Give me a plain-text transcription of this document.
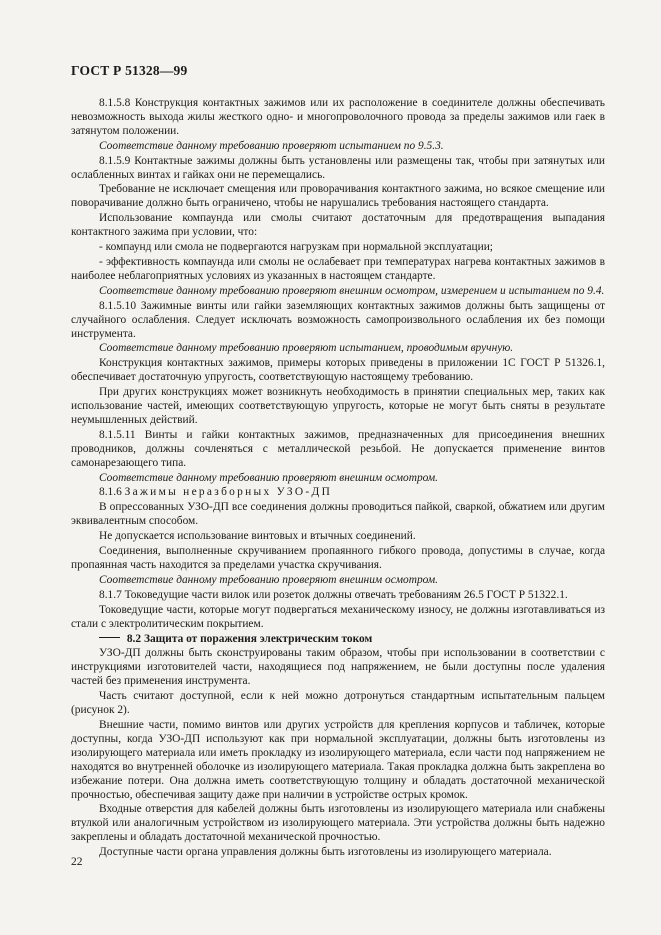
ГОСТ Р 51328—99

8.1.5.8 Конструкция контактных зажимов или их расположение в соединителе должны обеспечивать невозможность выхода жилы жесткого одно- и многопроволочного провода за пределы зажимов или гаек в затянутом положении.

Соответствие данному требованию проверяют испытанием по 9.5.3.

8.1.5.9 Контактные зажимы должны быть установлены или размещены так, чтобы при затянутых или ослабленных винтах и гайках они не перемещались.

Требование не исключает смещения или проворачивания контактного зажима, но всякое смещение или поворачивание должно быть ограничено, чтобы не нарушались требования настоящего стандарта.

Использование компаунда или смолы считают достаточным для предотвращения выпадания контактного зажима при условии, что:

- компаунд или смола не подвергаются нагрузкам при нормальной эксплуатации;

- эффективность компаунда или смолы не ослабевает при температурах нагрева контактных зажимов в наиболее неблагоприятных условиях из указанных в настоящем стандарте.

Соответствие данному требованию проверяют внешним осмотром, измерением и испытанием по 9.4.

8.1.5.10 Зажимные винты или гайки заземляющих контактных зажимов должны быть защищены от случайного ослабления. Следует исключать возможность самопроизвольного ослабления их без помощи инструмента.

Соответствие данному требованию проверяют испытанием, проводимым вручную.

Конструкция контактных зажимов, примеры которых приведены в приложении 1С ГОСТ Р 51326.1, обеспечивает достаточную упругость, соответствующую настоящему требованию.

При других конструкциях может возникнуть необходимость в принятии специальных мер, таких как использование частей, имеющих соответствующую упругость, которые не могут быть сняты в результате неумышленных действий.

8.1.5.11 Винты и гайки контактных зажимов, предназначенных для присоединения внешних проводников, должны сочленяться с металлической резьбой. Не допускается применение винтов самонарезающего типа.

Соответствие данному требованию проверяют внешним осмотром.

8.1.6 Зажимы неразборных УЗО-ДП

В опрессованных УЗО-ДП все соединения должны проводиться пайкой, сваркой, обжатием или другим эквивалентным способом.

Не допускается использование винтовых и втычных соединений.

Соединения, выполненные скручиванием пропаянного гибкого провода, допустимы в случае, когда пропаянная часть находится за пределами участка скручивания.

Соответствие данному требованию проверяют внешним осмотром.

8.1.7 Токоведущие части вилок или розеток должны отвечать требованиям 26.5 ГОСТ Р 51322.1.

Токоведущие части, которые могут подвергаться механическому износу, не должны изготавливаться из стали с электролитическим покрытием.

8.2 Защита от поражения электрическим током

УЗО-ДП должны быть сконструированы таким образом, чтобы при использовании в соответствии с инструкциями изготовителей части, находящиеся под напряжением, не были доступны после удаления частей без применения инструмента.

Часть считают доступной, если к ней можно дотронуться стандартным испытательным пальцем (рисунок 2).

Внешние части, помимо винтов или других устройств для крепления корпусов и табличек, которые доступны, когда УЗО-ДП используют как при нормальной эксплуатации, должны быть изготовлены из изолирующего материала или иметь прокладку из изолирующего материала, если части под напряжением не находятся во внутренней оболочке из изолирующего материала. Такая прокладка должна быть закреплена во избежание потери. Она должна иметь соответствующую толщину и обладать достаточной механической прочностью, обеспечивая защиту даже при наличии в устройстве острых кромок.

Входные отверстия для кабелей должны быть изготовлены из изолирующего материала или снабжены втулкой или аналогичным устройством из изолирующего материала. Эти устройства должны быть надежно закреплены и обладать достаточной механической прочностью.

Доступные части органа управления должны быть изготовлены из изолирующего материала.

22
